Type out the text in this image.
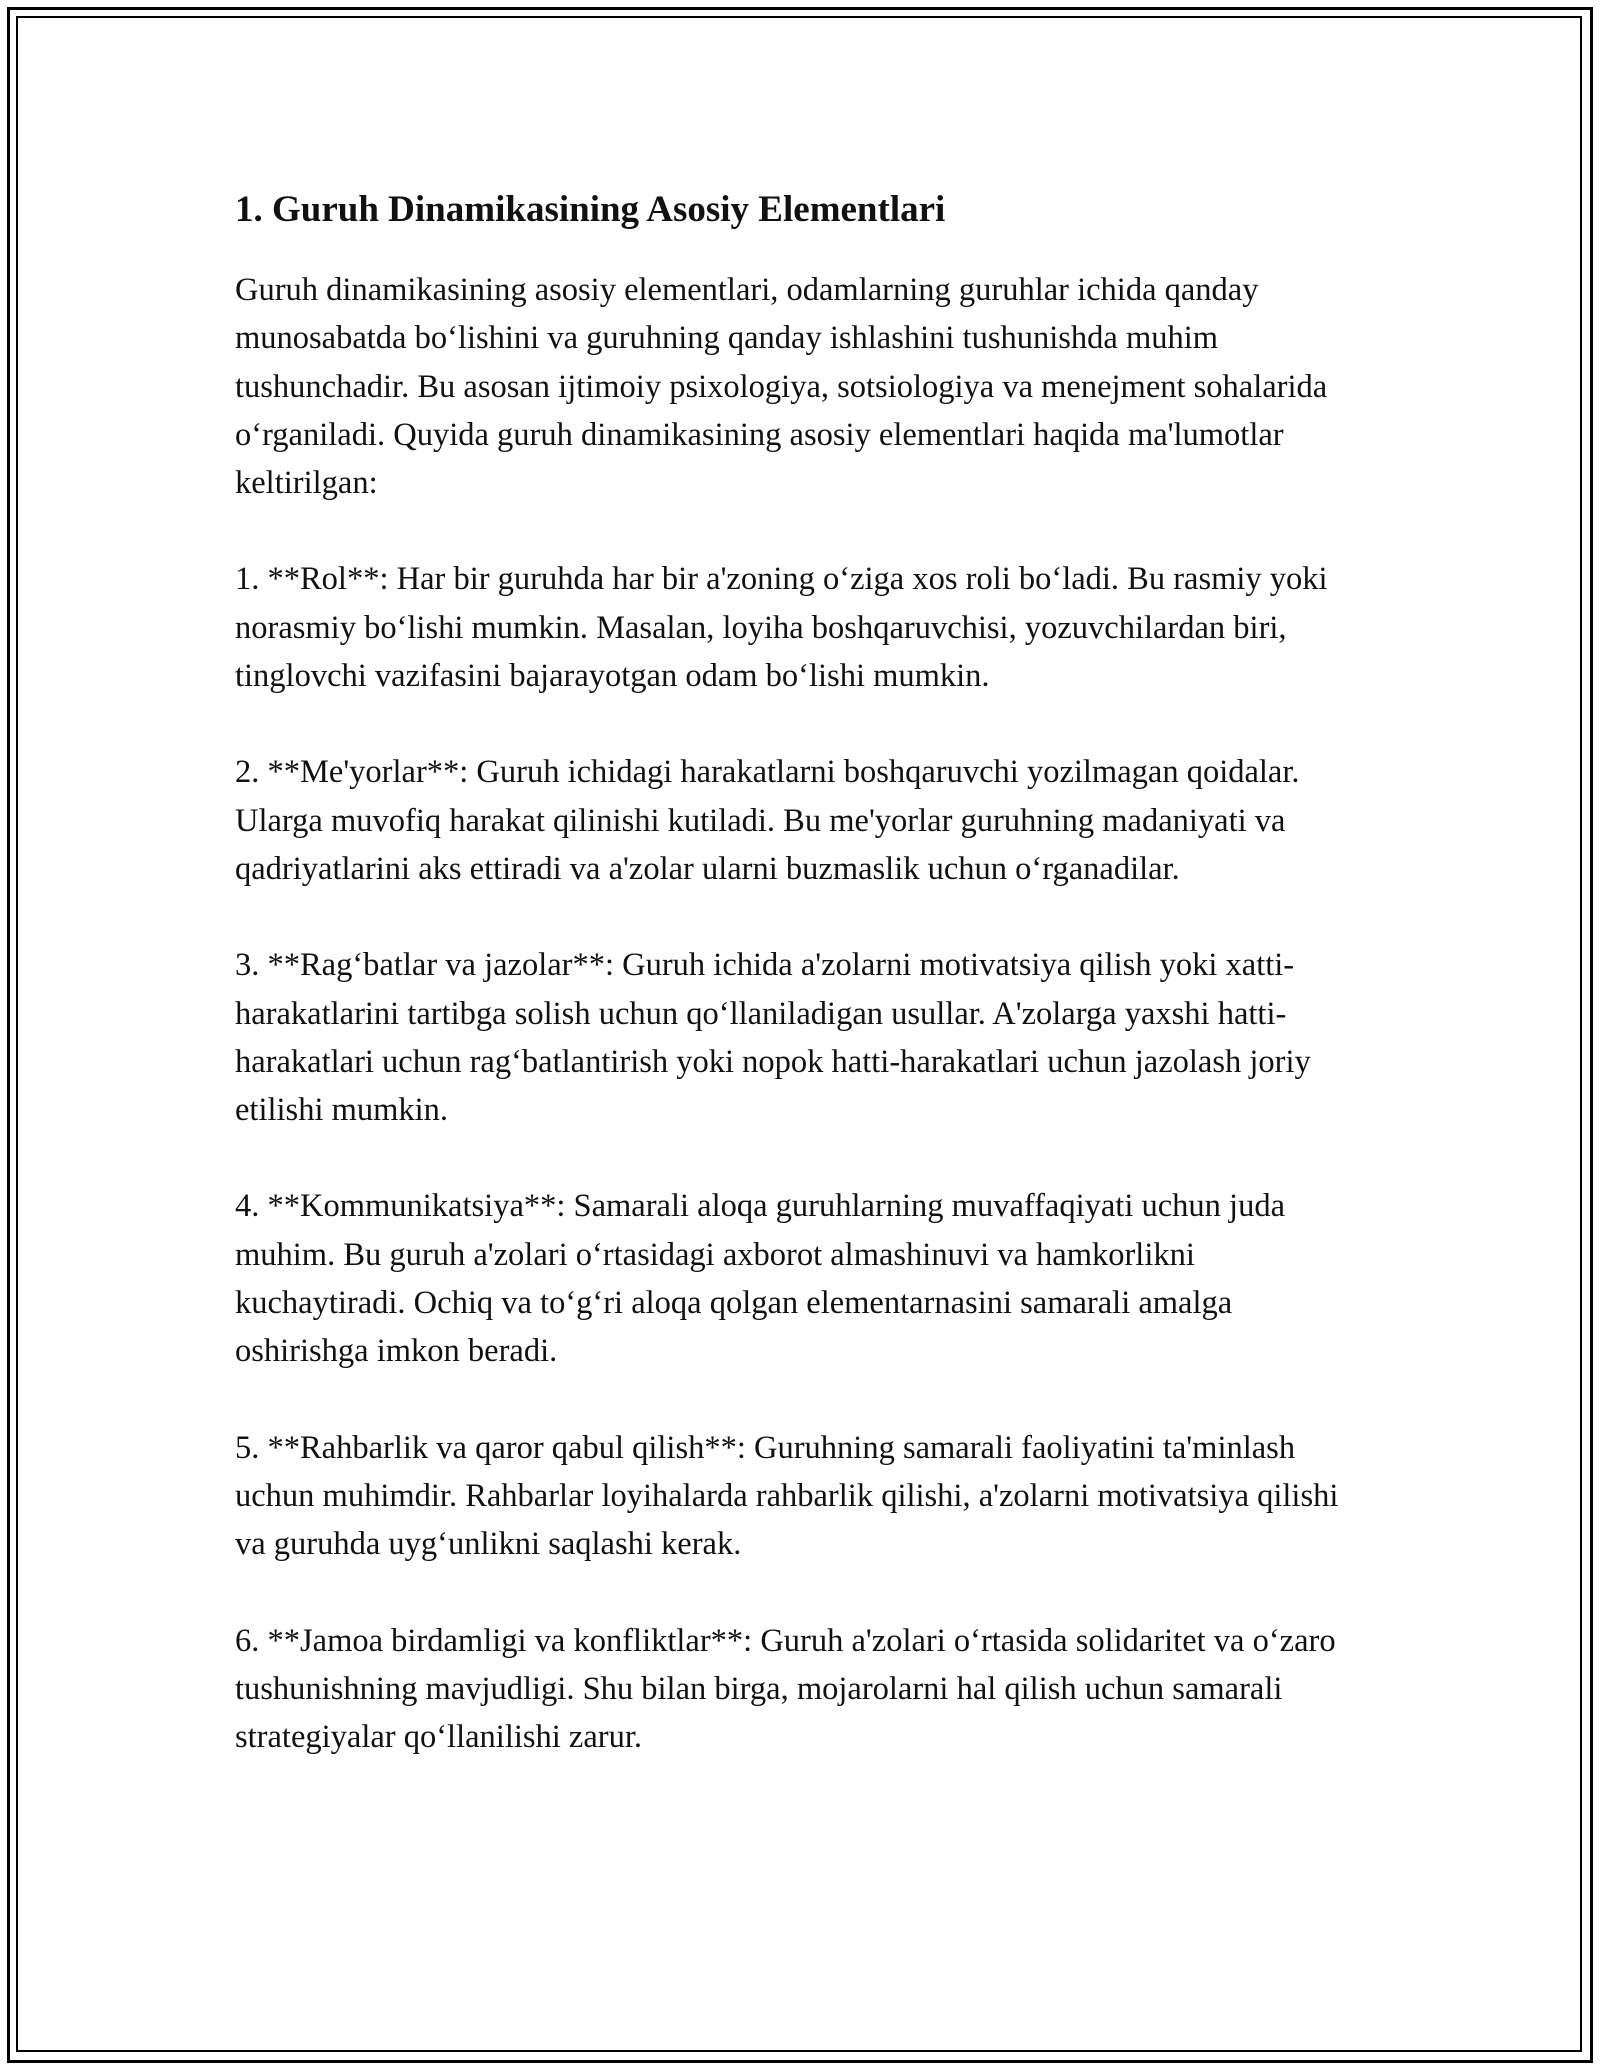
1. Guruh Dinamikasining Asosiy Elementlari

Guruh dinamikasining asosiy elementlari, odamlarning guruhlar ichida qanday munosabatda bo‘lishini va guruhning qanday ishlashini tushunishda muhim tushunchadir. Bu asosan ijtimoiy psixologiya, sotsiologiya va menejment sohalarida o‘rganiladi. Quyida guruh dinamikasining asosiy elementlari haqida ma'lumotlar keltirilgan:

1. **Rol**: Har bir guruhda har bir a'zoning o‘ziga xos roli bo‘ladi. Bu rasmiy yoki norasmiy bo‘lishi mumkin. Masalan, loyiha boshqaruvchisi, yozuvchilardan biri, tinglovchi vazifasini bajarayotgan odam bo‘lishi mumkin.

2. **Me'yorlar**: Guruh ichidagi harakatlarni boshqaruvchi yozilmagan qoidalar. Ularga muvofiq harakat qilinishi kutiladi. Bu me'yorlar guruhning madaniyati va qadriyatlarini aks ettiradi va a'zolar ularni buzmaslik uchun o‘rganadilar.

3. **Rag‘batlar va jazolar**: Guruh ichida a'zolarni motivatsiya qilish yoki xatti-harakatlarini tartibga solish uchun qo‘llaniladigan usullar. A'zolarga yaxshi hatti-harakatlari uchun rag‘batlantirish yoki nopok hatti-harakatlari uchun jazolash joriy etilishi mumkin.

4. **Kommunikatsiya**: Samarali aloqa guruhlarning muvaffaqiyati uchun juda muhim. Bu guruh a'zolari o‘rtasidagi axborot almashinuvi va hamkorlikni kuchaytiradi. Ochiq va to‘g‘ri aloqa qolgan elementarnasini samarali amalga oshirishga imkon beradi.

5. **Rahbarlik va qaror qabul qilish**: Guruhning samarali faoliyatini ta'minlash uchun muhimdir. Rahbarlar loyihalarda rahbarlik qilishi, a'zolarni motivatsiya qilishi va guruhda uyg‘unlikni saqlashi kerak.

6. **Jamoa birdamligi va konfliktlar**: Guruh a'zolari o‘rtasida solidaritet va o‘zaro tushunishning mavjudligi. Shu bilan birga, mojarolarni hal qilish uchun samarali strategiyalar qo‘llanilishi zarur.
